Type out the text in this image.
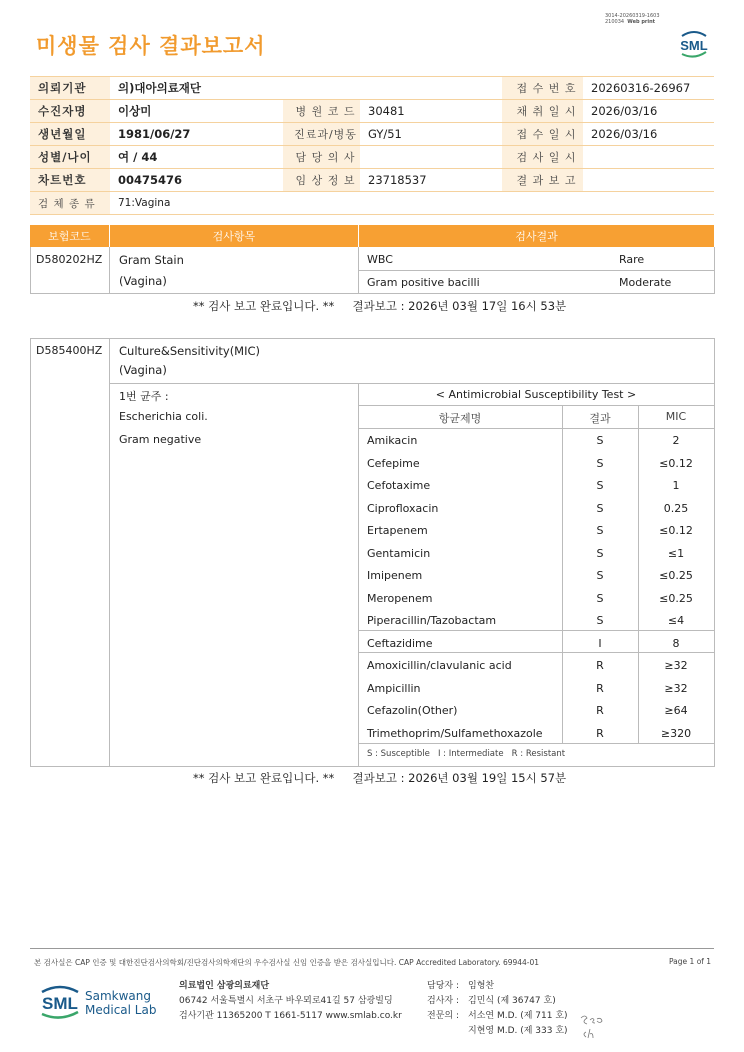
미생물 검사 결과보고서
3014-20260319-1603
210034 Web print
SML
의뢰기관	의)대아의료재단			접 수 번 호	20260316-26967
수진자명	이상미	병 원 코 드	30481	채 취 일 시	2026/03/16
생년월일	1981/06/27	진료과/병동	GY/51	접 수 일 시	2026/03/16
성별/나이	여 / 44	담 당 의 사		검 사 일 시	
차트번호	00475476	임 상 정 보	23718537	결 과 보 고	
검 체 종 류	71:Vagina				
보험코드	검사항목	검사결과
D580202HZ Gram Stain
(Vagina)
WBC	Rare
Gram positive bacilli	Moderate
** 검사 보고 완료입니다. **     결과보고 : 2026년 03월 17일 16시 53분
D585400HZ Culture&Sensitivity(MIC)
(Vagina)
1번 균주 :
Escherichia coli.
Gram negative
< Antimicrobial Susceptibility Test >
항균제명	결과	MIC
Amikacin	S	2
Cefepime	S	≤0.12
Cefotaxime	S	1
Ciprofloxacin	S	0.25
Ertapenem	S	≤0.12
Gentamicin	S	≤1
Imipenem	S	≤0.25
Meropenem	S	≤0.25
Piperacillin/Tazobactam	S	≤4
Ceftazidime	I	8
Amoxicillin/clavulanic acid	R	≥32
Ampicillin	R	≥32
Cefazolin(Other)	R	≥64
Trimethoprim/Sulfamethoxazole	R	≥320
S : Susceptible   I : Intermediate   R : Resistant
** 검사 보고 완료입니다. **     결과보고 : 2026년 03월 19일 15시 57분
본 검사실은 CAP 인증 및 대한진단검사의학회/진단검사의학재단의 우수검사실 신임 인증을 받은 검사실입니다. CAP Accredited Laboratory. 69944-01	Page 1 of 1
SML Samkwang
Medical Lab
의료법인 삼광의료재단
06742 서울특별시 서초구 바우뫼로41길 57 삼광빌딩
검사기관 11365200 T 1661-5117 www.smlab.co.kr
담당자 : 임형찬
검사자 : 김민식 (제 36747 호)
전문의 : 서소연 M.D. (제 711 호)
지현영 M.D. (제 333 호)
